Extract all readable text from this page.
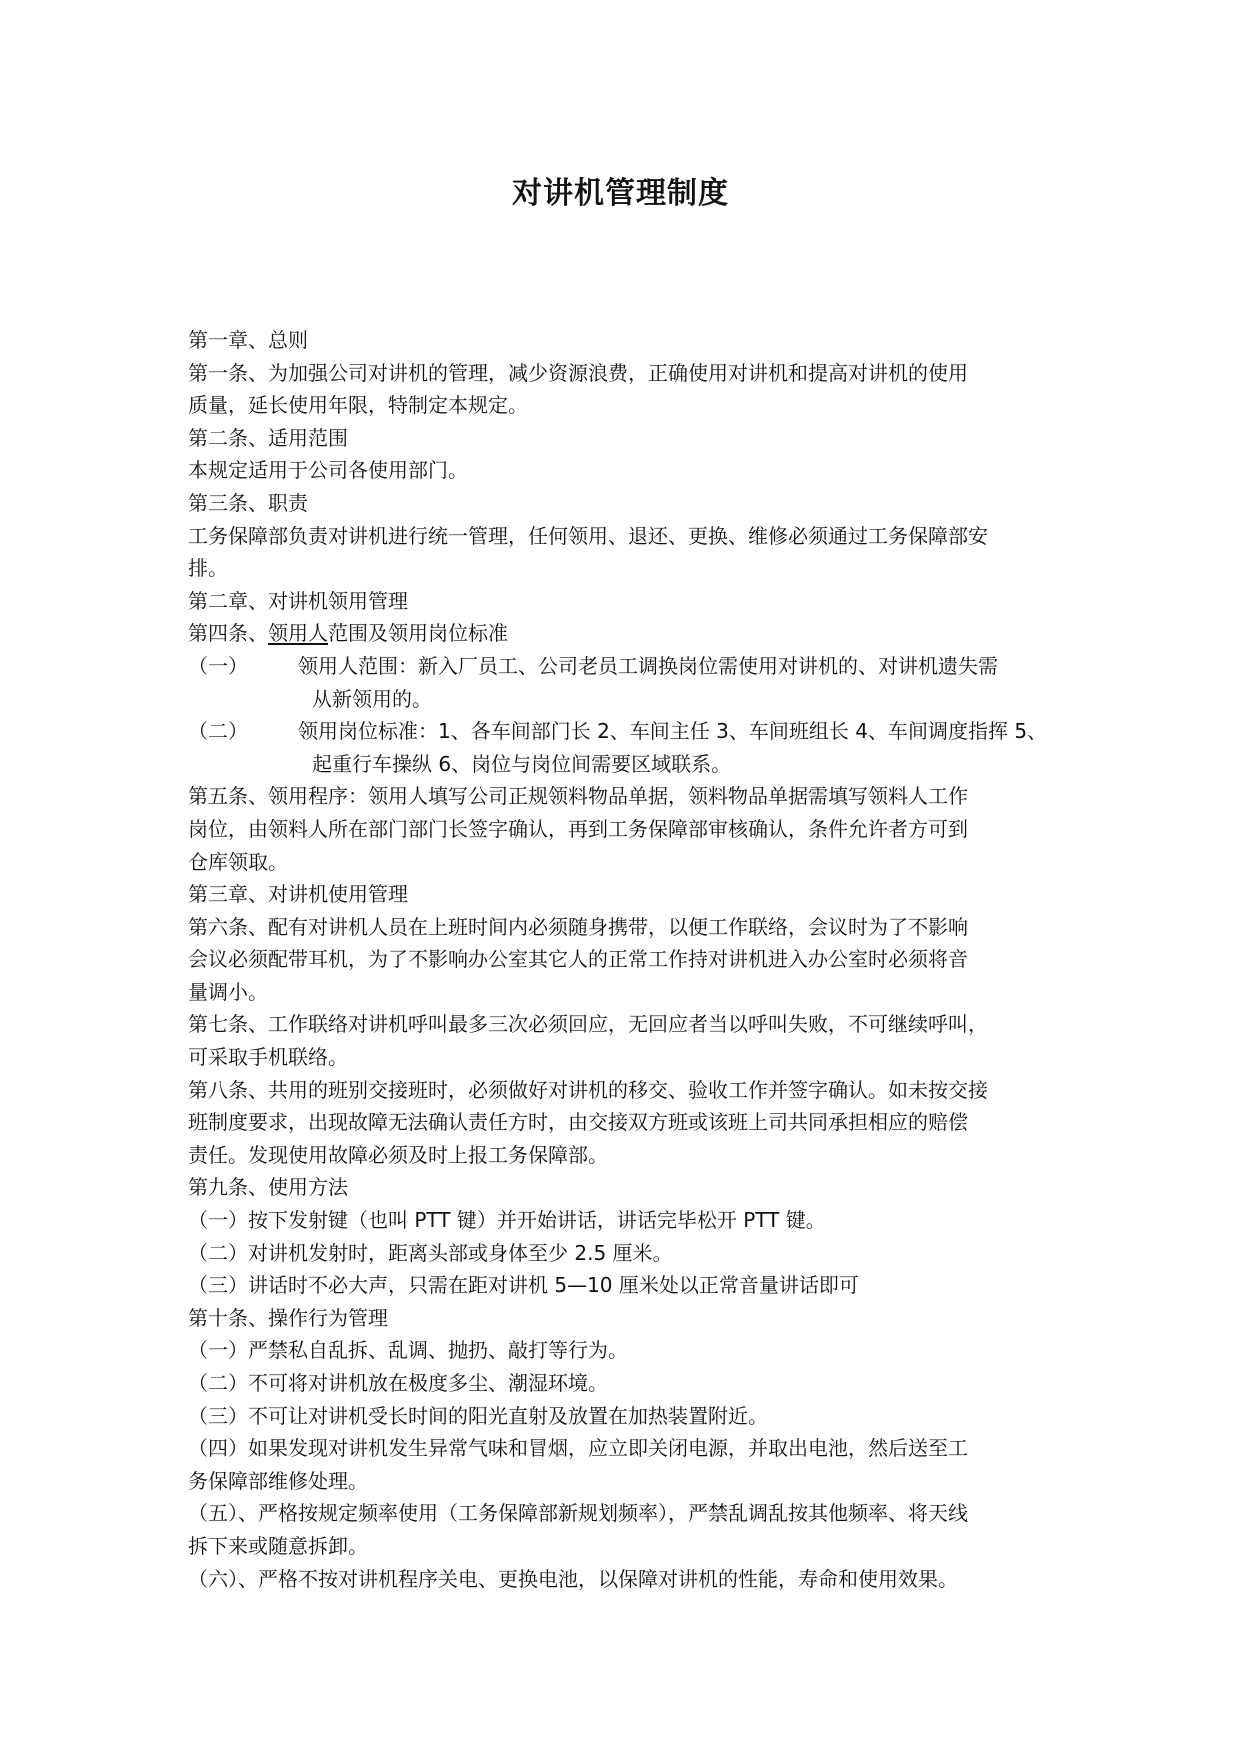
对讲机管理制度
第一章、总则
第一条、为加强公司对讲机的管理，减少资源浪费，正确使用对讲机和提高对讲机的使用
质量，延长使用年限，特制定本规定。
第二条、适用范围
本规定适用于公司各使用部门。
第三条、职责
工务保障部负责对讲机进行统一管理，任何领用、退还、更换、维修必须通过工务保障部安
排。
第二章、对讲机领用管理
第四条、领用人范围及领用岗位标准
（一）	领用人范围：新入厂员工、公司老员工调换岗位需使用对讲机的、对讲机遗失需
从新领用的。
（二）	领用岗位标准：1、各车间部门长 2、车间主任 3、车间班组长 4、车间调度指挥 5、
起重行车操纵 6、岗位与岗位间需要区域联系。
第五条、领用程序：领用人填写公司正规领料物品单据，领料物品单据需填写领料人工作
岗位，由领料人所在部门部门长签字确认，再到工务保障部审核确认，条件允许者方可到
仓库领取。
第三章、对讲机使用管理
第六条、配有对讲机人员在上班时间内必须随身携带，以便工作联络，会议时为了不影响
会议必须配带耳机，为了不影响办公室其它人的正常工作持对讲机进入办公室时必须将音
量调小。
第七条、工作联络对讲机呼叫最多三次必须回应，无回应者当以呼叫失败，不可继续呼叫，
可采取手机联络。
第八条、共用的班别交接班时，必须做好对讲机的移交、验收工作并签字确认。如未按交接
班制度要求，出现故障无法确认责任方时，由交接双方班或该班上司共同承担相应的赔偿
责任。发现使用故障必须及时上报工务保障部。
第九条、使用方法
（一）按下发射键（也叫 PTT 键）并开始讲话，讲话完毕松开 PTT 键。
（二）对讲机发射时，距离头部或身体至少 2.5 厘米。
（三）讲话时不必大声，只需在距对讲机 5—10 厘米处以正常音量讲话即可
第十条、操作行为管理
（一）严禁私自乱拆、乱调、抛扔、敲打等行为。
（二）不可将对讲机放在极度多尘、潮湿环境。
（三）不可让对讲机受长时间的阳光直射及放置在加热装置附近。
（四）如果发现对讲机发生异常气味和冒烟，应立即关闭电源，并取出电池，然后送至工
务保障部维修处理。
（五）、严格按规定频率使用（工务保障部新规划频率），严禁乱调乱按其他频率、将天线
拆下来或随意拆卸。
（六）、严格不按对讲机程序关电、更换电池，以保障对讲机的性能，寿命和使用效果。
